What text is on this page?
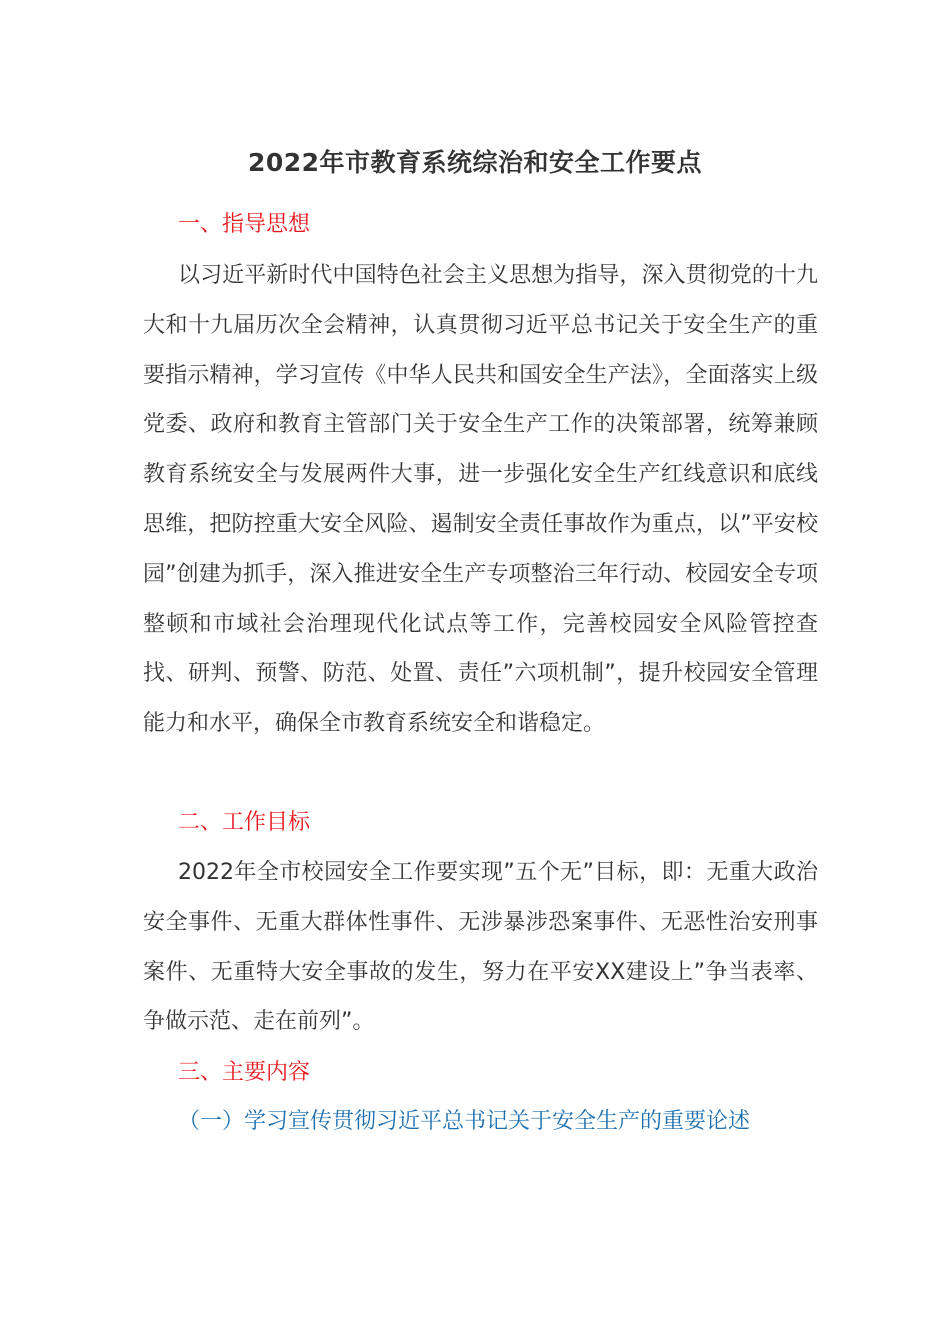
2022年市教育系统综治和安全工作要点
一、指导思想
以习近平新时代中国特色社会主义思想为指导，深入贯彻党的十九大和十九届历次全会精神，认真贯彻习近平总书记关于安全生产的重要指示精神，学习宣传《中华人民共和国安全生产法》，全面落实上级党委、政府和教育主管部门关于安全生产工作的决策部署，统筹兼顾教育系统安全与发展两件大事，进一步强化安全生产红线意识和底线思维，把防控重大安全风险、遏制安全责任事故作为重点，以”平安校园”创建为抓手，深入推进安全生产专项整治三年行动、校园安全专项整顿和市域社会治理现代化试点等工作，完善校园安全风险管控查找、研判、预警、防范、处置、责任”六项机制”，提升校园安全管理能力和水平，确保全市教育系统安全和谐稳定。
二、工作目标
2022年全市校园安全工作要实现”五个无”目标，即：无重大政治安全事件、无重大群体性事件、无涉暴涉恐案事件、无恶性治安刑事案件、无重特大安全事故的发生，努力在平安XX建设上”争当表率、争做示范、走在前列”。
三、主要内容
（一）学习宣传贯彻习近平总书记关于安全生产的重要论述
